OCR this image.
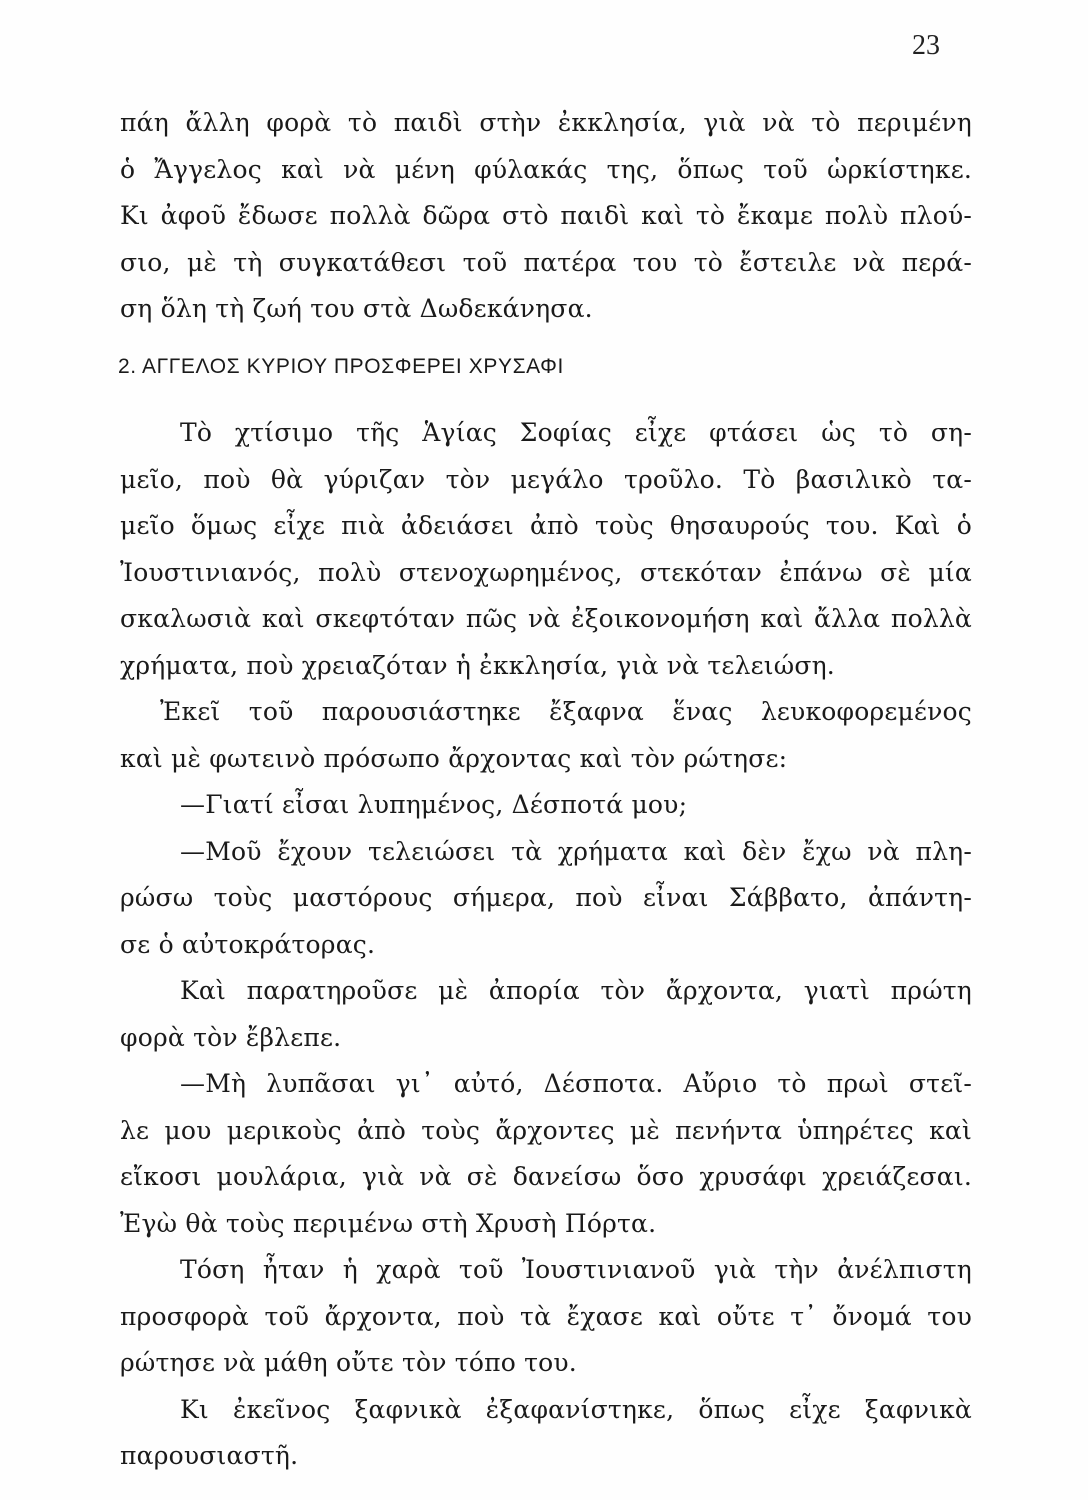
23
πάη ἄλλη φορὰ τὸ παιδὶ στὴν ἐκκλησία, γιὰ νὰ τὸ περιμένη
ὁ Ἄγγελος καὶ νὰ μένη φύλακάς της, ὅπως τοῦ ὡρκίστηκε.
Κι ἀφοῦ ἔδωσε πολλὰ δῶρα στὸ παιδὶ καὶ τὸ ἔκαμε πολὺ πλού-
σιο, μὲ τὴ συγκατάθεσι τοῦ πατέρα του τὸ ἔστειλε νὰ περά-
ση ὅλη τὴ ζωή του στὰ Δωδεκάνησα.
2. ΑΓΓΕΛΟΣ ΚΥΡΙΟΥ ΠΡΟΣΦΕΡΕΙ ΧΡΥΣΑΦΙ
Τὸ χτίσιμο τῆς Ἁγίας Σοφίας εἶχε φτάσει ὡς τὸ ση-
μεῖο, ποὺ θὰ γύριζαν τὸν μεγάλο τροῦλο. Τὸ βασιλικὸ τα-
μεῖο ὅμως εἶχε πιὰ ἀδειάσει ἀπὸ τοὺς θησαυρούς του. Καὶ ὁ
Ἰουστινιανός, πολὺ στενοχωρημένος, στεκόταν ἐπάνω σὲ μία
σκαλωσιὰ καὶ σκεφτόταν πῶς νὰ ἐξοικονομήση καὶ ἄλλα πολλὰ
χρήματα, ποὺ χρειαζόταν ἡ ἐκκλησία, γιὰ νὰ τελειώση.
Ἐκεῖ τοῦ παρουσιάστηκε ἔξαφνα ἕνας λευκοφορεμένος
καὶ μὲ φωτεινὸ πρόσωπο ἄρχοντας καὶ τὸν ρώτησε:
—Γιατί εἶσαι λυπημένος, Δέσποτά μου;
—Μοῦ ἔχουν τελειώσει τὰ χρήματα καὶ δὲν ἔχω νὰ πλη-
ρώσω τοὺς μαστόρους σήμερα, ποὺ εἶναι Σάββατο, ἀπάντη-
σε ὁ αὐτοκράτορας.
Καὶ παρατηροῦσε μὲ ἀπορία τὸν ἄρχοντα, γιατὶ πρώτη
φορὰ τὸν ἔβλεπε.
—Μὴ λυπᾶσαι γι᾿ αὐτό, Δέσποτα. Αὔριο τὸ πρωὶ στεῖ-
λε μου μερικοὺς ἀπὸ τοὺς ἄρχοντες μὲ πενήντα ὑπηρέτες καὶ
εἴκοσι μουλάρια, γιὰ νὰ σὲ δανείσω ὅσο χρυσάφι χρειάζεσαι.
Ἐγὼ θὰ τοὺς περιμένω στὴ Χρυσὴ Πόρτα.
Τόση ἦταν ἡ χαρὰ τοῦ Ἰουστινιανοῦ γιὰ τὴν ἀνέλπιστη
προσφορὰ τοῦ ἄρχοντα, ποὺ τὰ ἔχασε καὶ οὔτε τ᾿ ὄνομά του
ρώτησε νὰ μάθη οὔτε τὸν τόπο του.
Κι ἐκεῖνος ξαφνικὰ ἐξαφανίστηκε, ὅπως εἶχε ξαφνικὰ
παρουσιαστῆ.
